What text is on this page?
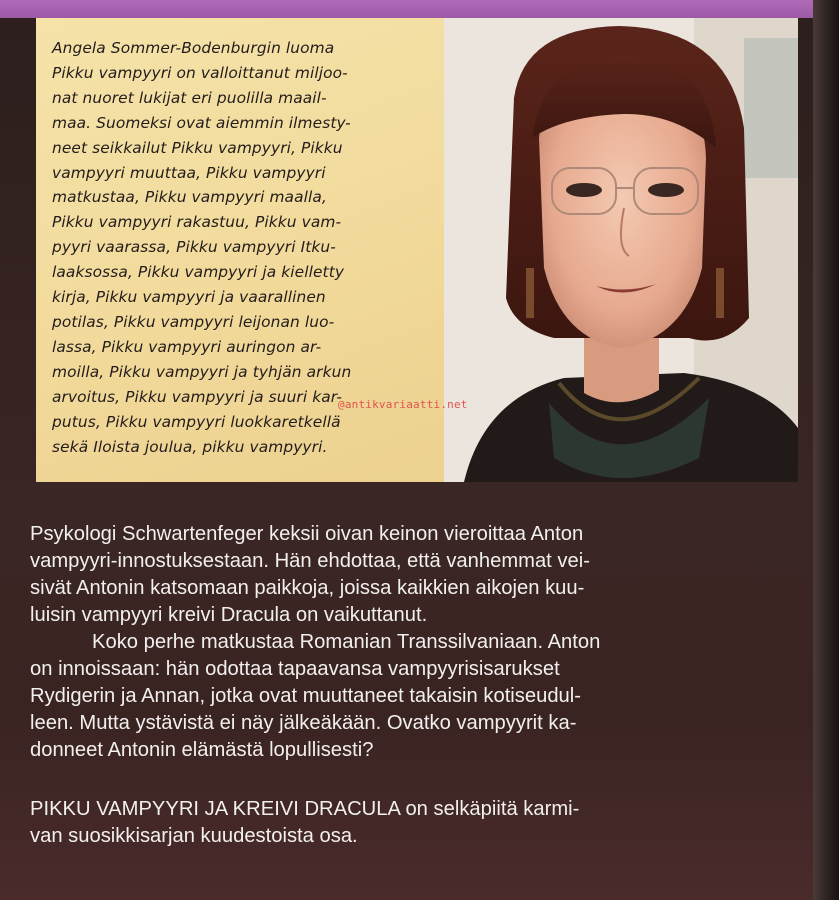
Angela Sommer-Bodenburgin luoma
Pikku vampyyri on valloittanut miljoo-
nat nuoret lukijat eri puolilla maail-
maa. Suomeksi ovat aiemmin ilmesty-
neet seikkailut Pikku vampyyri, Pikku
vampyyri muuttaa, Pikku vampyyri
matkustaa, Pikku vampyyri maalla,
Pikku vampyyri rakastuu, Pikku vam-
pyyri vaarassa, Pikku vampyyri Itku-
laaksossa, Pikku vampyyri ja kielletty
kirja, Pikku vampyyri ja vaarallinen
potilas, Pikku vampyyri leijonan luo-
lassa, Pikku vampyyri auringon ar-
moilla, Pikku vampyyri ja tyhjän arkun
arvoitus, Pikku vampyyri ja suuri kar-
putus, Pikku vampyyri luokkaretkellä
sekä Iloista joulua, pikku vampyyri.

@antikvariaatti.net

Psykologi Schwartenfeger keksii oivan keinon vieroittaa Anton
vampyyri-innostuksestaan. Hän ehdottaa, että vanhemmat vei-
sivät Antonin katsomaan paikkoja, joissa kaikkien aikojen kuu-
luisin vampyyri kreivi Dracula on vaikuttanut.

Koko perhe matkustaa Romanian Transsilvaniaan. Anton
on innoissaan: hän odottaa tapaavansa vampyyrisisarukset
Rydigerin ja Annan, jotka ovat muuttaneet takaisin kotiseudul-
leen. Mutta ystävistä ei näy jälkeäkään. Ovatko vampyyrit ka-
donneet Antonin elämästä lopullisesti?

PIKKU VAMPYYRI JA KREIVI DRACULA on selkäpiitä karmi-
van suosikkisarjan kuudestoista osa.
